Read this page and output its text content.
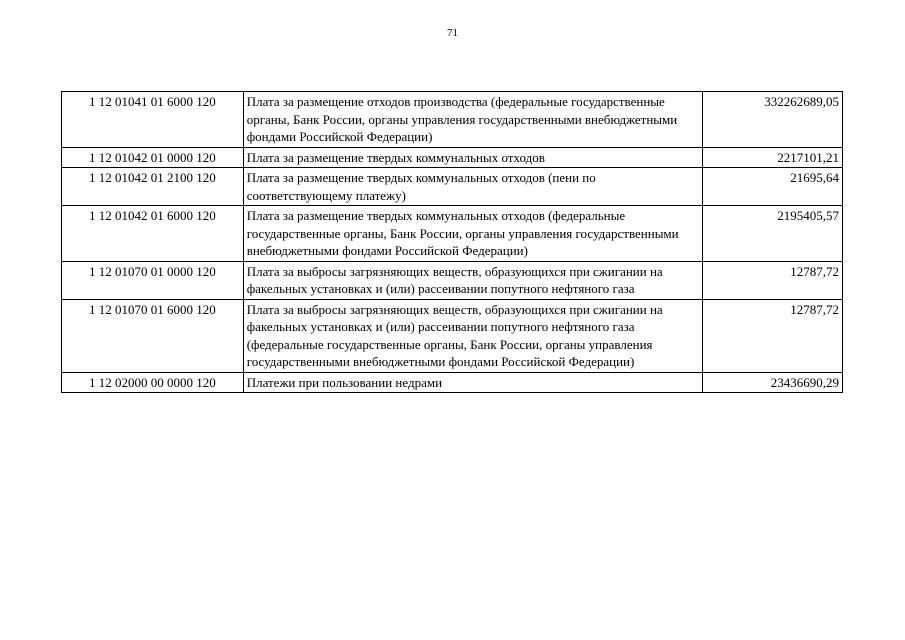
71
1 12 01041 01 6000 120	Плата за размещение отходов производства (федеральные государственные органы, Банк России, органы управления государственными внебюджетными фондами Российской Федерации)	332262689,05
1 12 01042 01 0000 120	Плата за размещение твердых коммунальных отходов	2217101,21
1 12 01042 01 2100 120	Плата за размещение твердых коммунальных отходов (пени по соответствующему платежу)	21695,64
1 12 01042 01 6000 120	Плата за размещение твердых коммунальных отходов (федеральные государственные органы, Банк России, органы управления государственными внебюджетными фондами Российской Федерации)	2195405,57
1 12 01070 01 0000 120	Плата за выбросы загрязняющих веществ, образующихся при сжигании на факельных установках и (или) рассеивании попутного нефтяного газа	12787,72
1 12 01070 01 6000 120	Плата за выбросы загрязняющих веществ, образующихся при сжигании на факельных установках и (или) рассеивании попутного нефтяного газа (федеральные государственные органы, Банк России, органы управления государственными внебюджетными фондами Российской Федерации)	12787,72
1 12 02000 00 0000 120	Платежи при пользовании недрами	23436690,29
